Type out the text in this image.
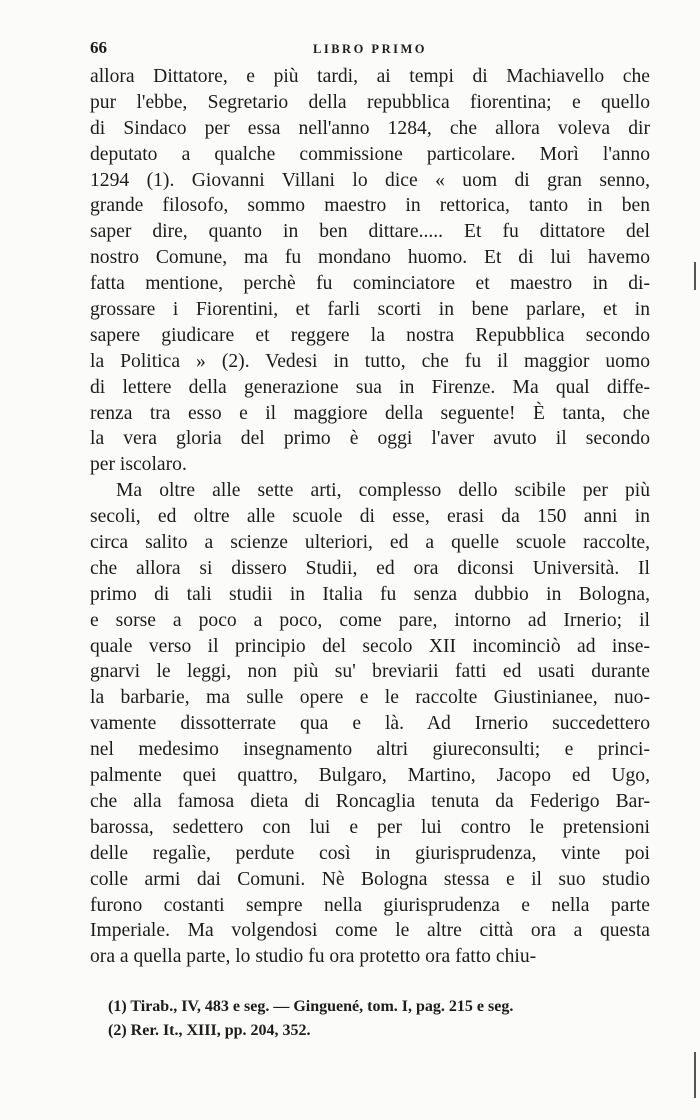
66	LIBRO PRIMO
allora Dittatore, e più tardi, ai tempi di Machiavello che
pur l'ebbe, Segretario della repubblica fiorentina; e quello
di Sindaco per essa nell'anno 1284, che allora voleva dir
deputato a qualche commissione particolare. Morì l'anno
1294 (1). Giovanni Villani lo dice « uom di gran senno,
grande filosofo, sommo maestro in rettorica, tanto in ben
saper dire, quanto in ben dittare..... Et fu dittatore del
nostro Comune, ma fu mondano huomo. Et di lui havemo
fatta mentione, perchè fu cominciatore et maestro in di-
grossare i Fiorentini, et farli scorti in bene parlare, et in
sapere giudicare et reggere la nostra Repubblica secondo
la Politica » (2). Vedesi in tutto, che fu il maggior uomo
di lettere della generazione sua in Firenze. Ma qual diffe-
renza tra esso e il maggiore della seguente! È tanta, che
la vera gloria del primo è oggi l'aver avuto il secondo
per iscolaro.
Ma oltre alle sette arti, complesso dello scibile per più
secoli, ed oltre alle scuole di esse, erasi da 150 anni in
circa salito a scienze ulteriori, ed a quelle scuole raccolte,
che allora si dissero Studii, ed ora diconsi Università. Il
primo di tali studii in Italia fu senza dubbio in Bologna,
e sorse a poco a poco, come pare, intorno ad Irnerio; il
quale verso il principio del secolo XII incominciò ad inse-
gnarvi le leggi, non più su' breviarii fatti ed usati durante
la barbarie, ma sulle opere e le raccolte Giustinianee, nuo-
vamente dissotterrate qua e là. Ad Irnerio succedettero
nel medesimo insegnamento altri giureconsulti; e princi-
palmente quei quattro, Bulgaro, Martino, Jacopo ed Ugo,
che alla famosa dieta di Roncaglia tenuta da Federigo Bar-
barossa, sedettero con lui e per lui contro le pretensioni
delle regalìe, perdute così in giurisprudenza, vinte poi
colle armi dai Comuni. Nè Bologna stessa e il suo studio
furono costanti sempre nella giurisprudenza e nella parte
Imperiale. Ma volgendosi come le altre città ora a questa
ora a quella parte, lo studio fu ora protetto ora fatto chiu-
(1) Tirab., IV, 483 e seg. — Ginguené, tom. I, pag. 215 e seg.
(2) Rer. It., XIII, pp. 204, 352.
